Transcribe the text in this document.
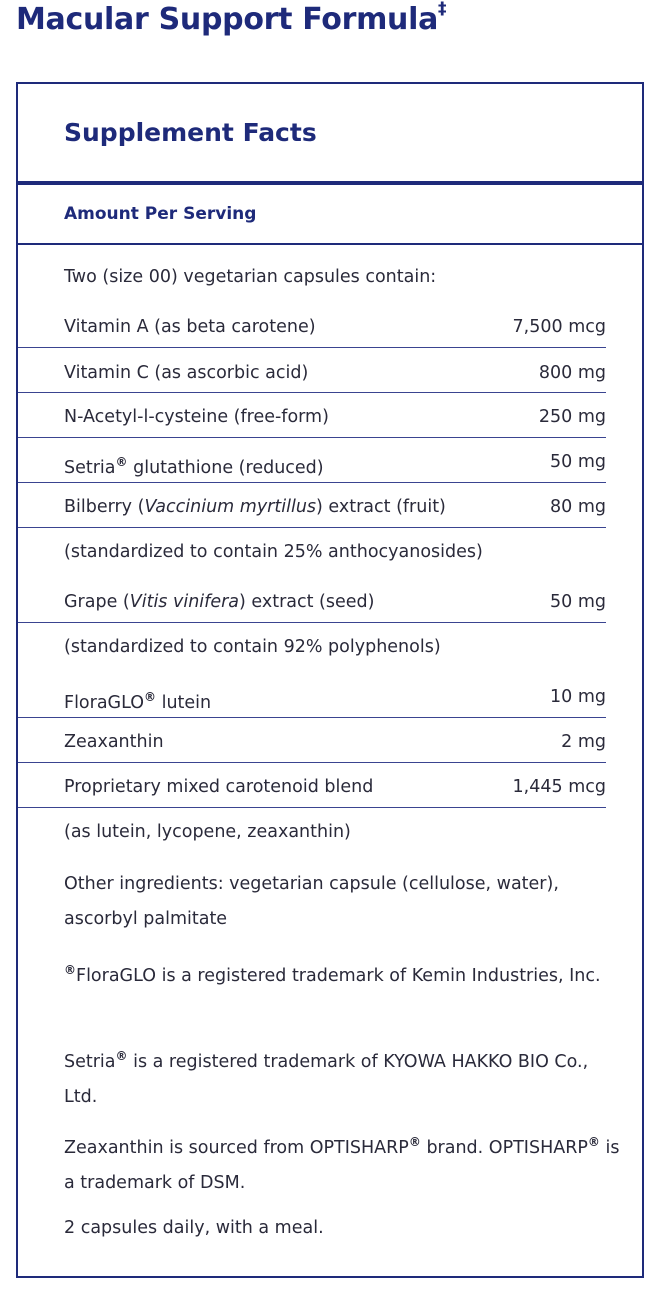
Macular Support Formula‡
Supplement Facts
Amount Per Serving
Two (size 00) vegetarian capsules contain:
Vitamin A (as beta carotene)	7,500 mcg
Vitamin C (as ascorbic acid)	800 mg
N-Acetyl-l-cysteine (free-form)	250 mg
Setria® glutathione (reduced)	50 mg
Bilberry (Vaccinium myrtillus) extract (fruit)	80 mg
(standardized to contain 25% anthocyanosides)
Grape (Vitis vinifera) extract (seed)	50 mg
(standardized to contain 92% polyphenols)
FloraGLO® lutein	10 mg
Zeaxanthin	2 mg
Proprietary mixed carotenoid blend	1,445 mcg
(as lutein, lycopene, zeaxanthin)
Other ingredients: vegetarian capsule (cellulose, water), ascorbyl palmitate
®FloraGLO is a registered trademark of Kemin Industries, Inc.
Setria® is a registered trademark of KYOWA HAKKO BIO Co., Ltd.
Zeaxanthin is sourced from OPTISHARP® brand. OPTISHARP® is a trademark of DSM.
2 capsules daily, with a meal.
